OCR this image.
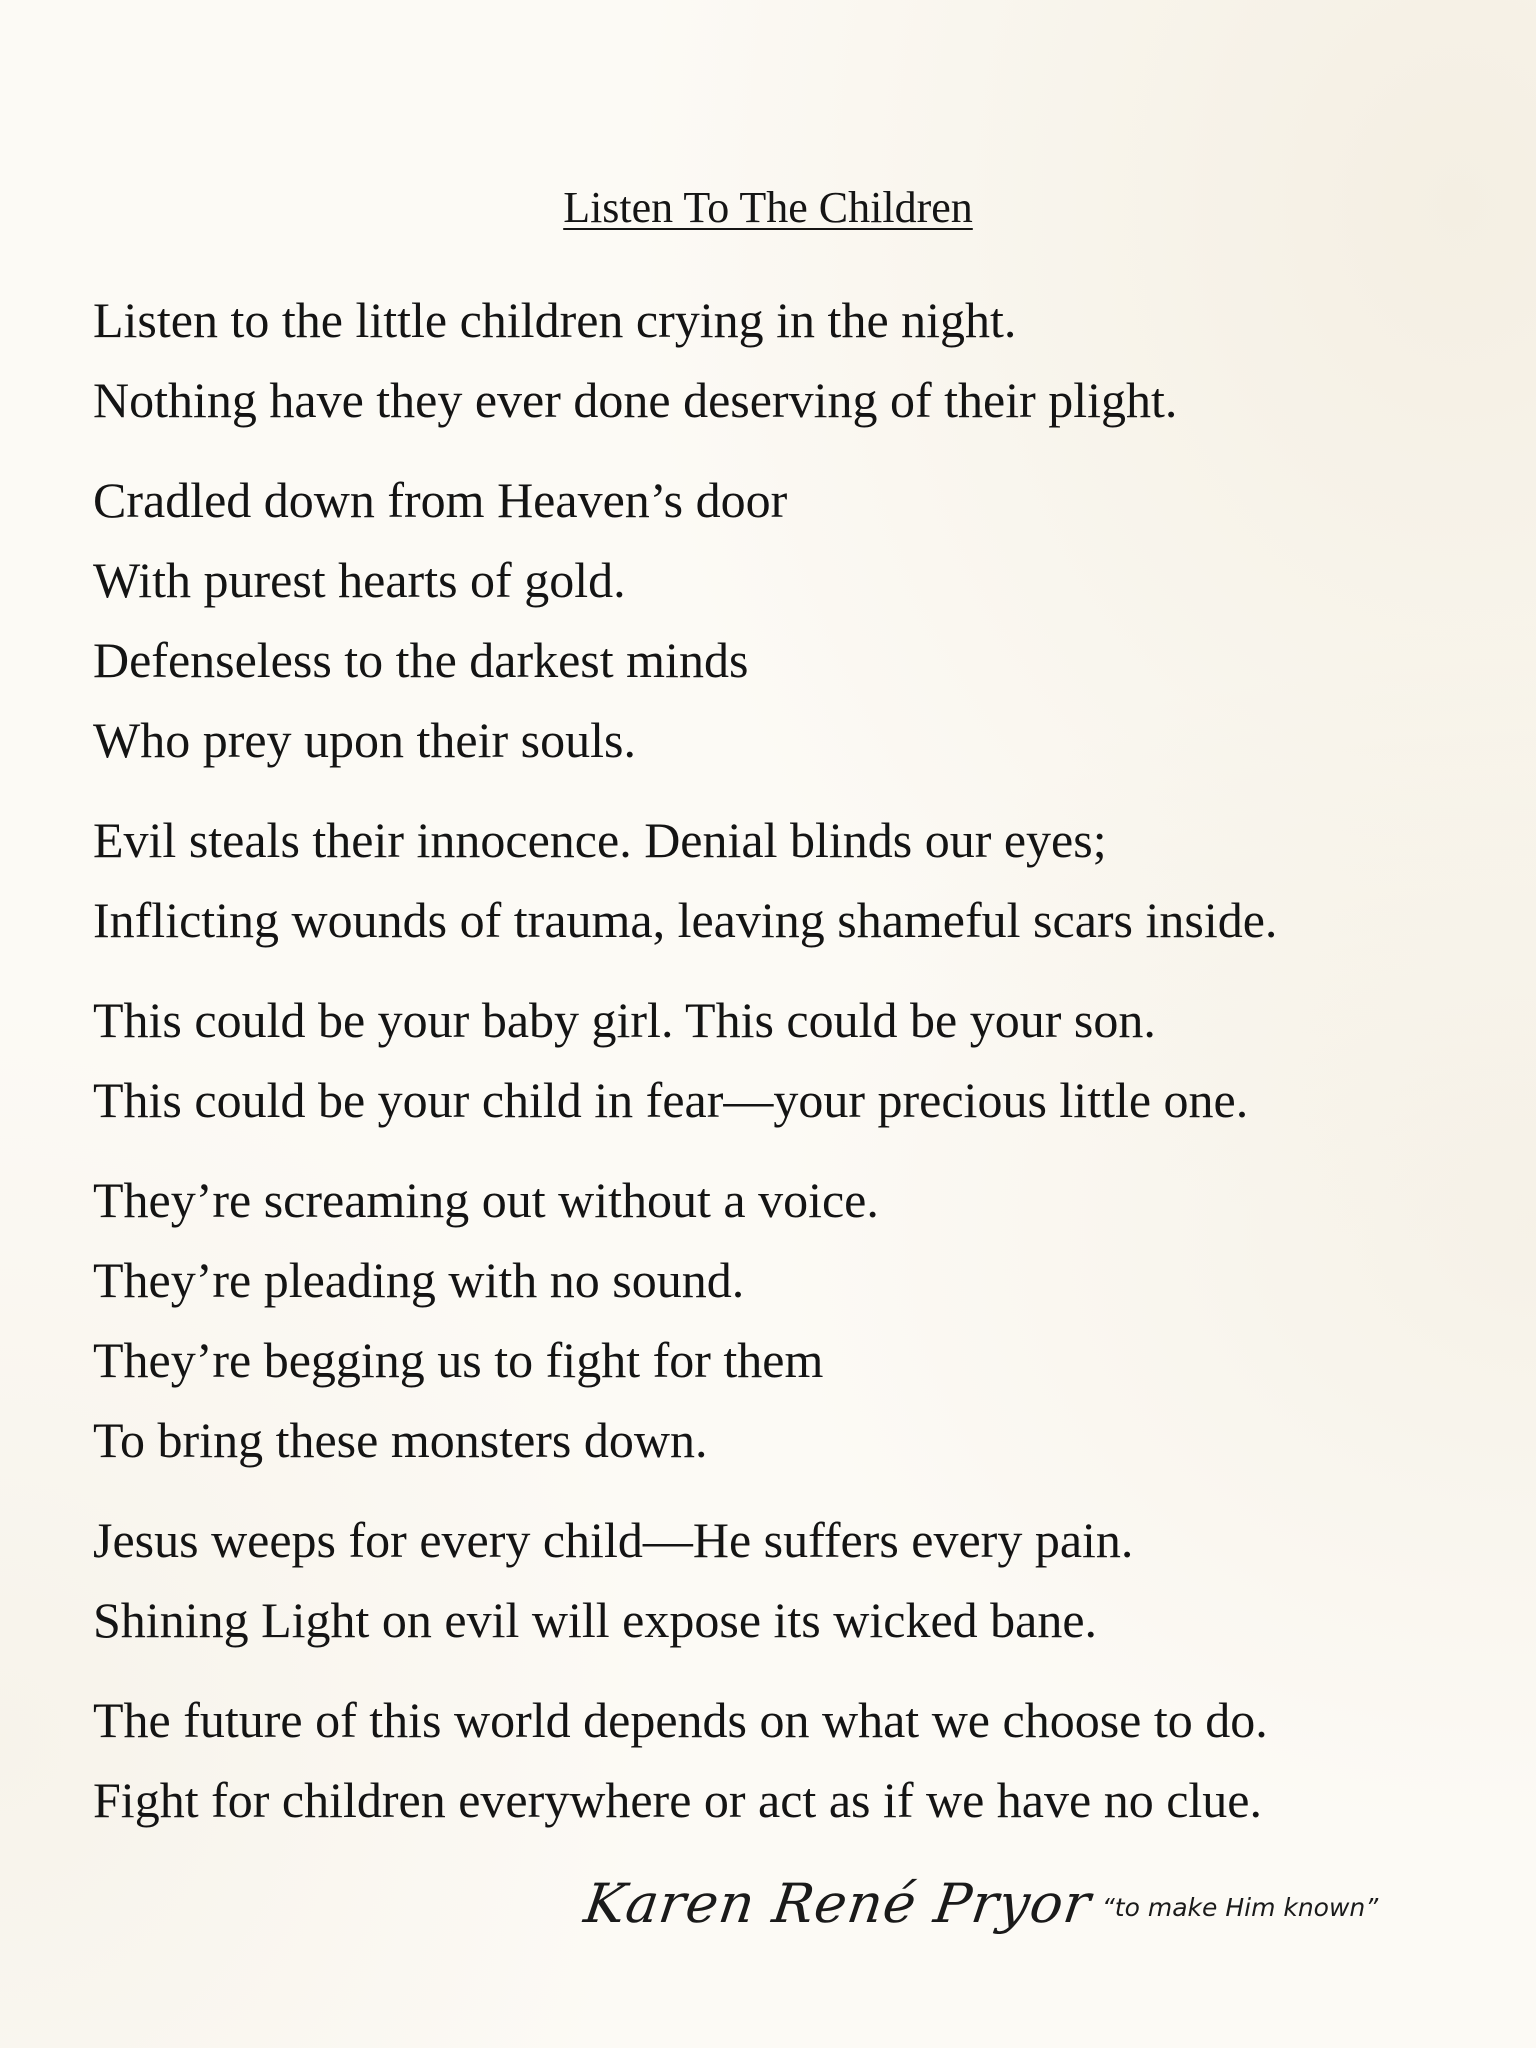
Listen To The Children
Listen to the little children crying in the night.
Nothing have they ever done deserving of their plight.
Cradled down from Heaven’s door
With purest hearts of gold.
Defenseless to the darkest minds
Who prey upon their souls.
Evil steals their innocence. Denial blinds our eyes;
Inflicting wounds of trauma, leaving shameful scars inside.
This could be your baby girl. This could be your son.
This could be your child in fear—your precious little one.
They’re screaming out without a voice.
They’re pleading with no sound.
They’re begging us to fight for them
To bring these monsters down.
Jesus weeps for every child—He suffers every pain.
Shining Light on evil will expose its wicked bane.
The future of this world depends on what we choose to do.
Fight for children everywhere or act as if we have no clue.
Karen René Pryor “to make Him known”
